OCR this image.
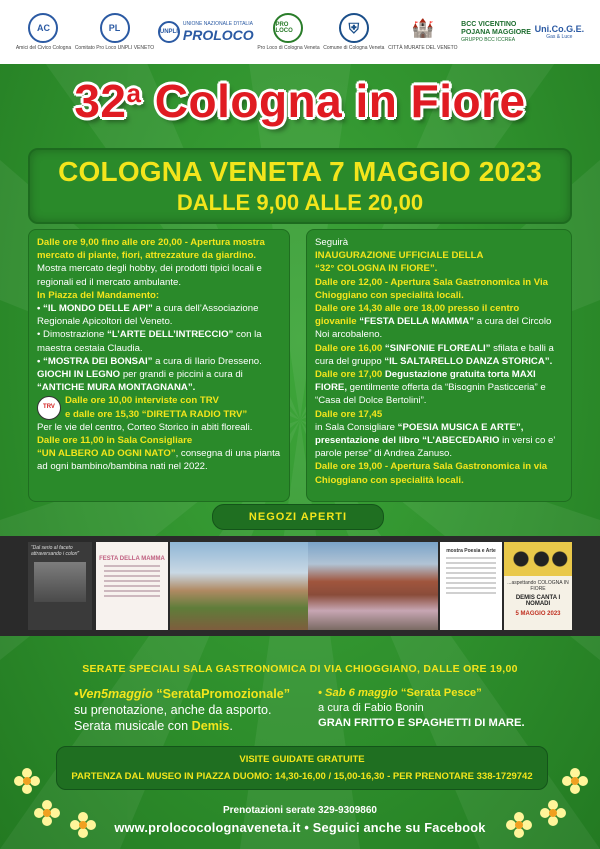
AC
Amici del Civico Cologna
PL
Comitato Pro Loco UNPLI VENETO
UNPLI
UNIONE NAZIONALE D'ITALIA
PROLOCO
PRO LOCO
Pro Loco di Cologna Veneta
⛨
Comune di Cologna Veneta
🏰
CITTÀ MURATE DEL VENETO
BCC VICENTINO
POJANA MAGGIORE
GRUPPO BCC ICCREA
Uni.Co.G.E.
Gas & Luce
32$^a$ Cologna in Fiore
COLOGNA VENETA 7 MAGGIO 2023
DALLE 9,00 ALLE 20,00

Dalle ore 9,00 fino alle ore 20,00 - Apertura mostra mercato di piante, fiori, attrezzature da giardino.

Mostra mercato degli hobby, dei prodotti tipici locali e regionali ed il mercato ambulante.

In Piazza del Mandamento:

• “IL MONDO DELLE API” a cura dell’Associazione Regionale Apicoltori del Veneto.

• Dimostrazione “L’ARTE DELL’INTRECCIO” con la maestra cestaia Claudia.

• “MOSTRA DEI BONSAI” a cura di Ilario Dresseno.

GIOCHI IN LEGNO per grandi e piccini a cura di “ANTICHE MURA MONTAGNANA”.

TRV

Dalle ore 10,00 interviste con TRV

e dalle ore 15,30 “DIRETTA RADIO TRV”

Per le vie del centro, Corteo Storico in abiti floreali.

Dalle ore 11,00 in Sala Consigliare

“UN ALBERO AD OGNI NATO”, consegna di una pianta ad ogni bambino/bambina nati nel 2022.

Seguirà

INAUGURAZIONE UFFICIALE DELLA

“32° COLOGNA IN FIORE”.

Dalle ore 12,00 - Apertura Sala Gastronomica in Via Chioggiano con specialità locali.

Dalle ore 14,30 alle ore 18,00 presso il centro giovanile “FESTA DELLA MAMMA” a cura del Circolo Noi arcobaleno.

Dalle ore 16,00 “SINFONIE FLOREALI” sfilata e balli a cura del gruppo “IL SALTARELLO DANZA STORICA”.

Dalle ore 17,00 Degustazione gratuita torta MAXI FIORE, gentilmente offerta da “Bisognin Pasticceria” e “Casa del Dolce Bertolini”.

Dalle ore 17,45

in Sala Consigliare “POESIA MUSICA E ARTE”, presentazione del libro “L’ABECEDARIO in versi co e’ parole perse” di Andrea Zanuso.

Dalle ore 19,00 - Apertura Sala Gastronomica in via Chioggiano con specialità locali.

NEGOZI APERTI
“Dal serio al faceto attraversando i colori”
FESTA DELLA MAMMA
mostra Poesia e Arte
...aspettando COLOGNA IN FIORE
DEMIS CANTA I NOMADI
5 MAGGIO 2023
SERATE SPECIALI SALA GASTRONOMICA DI VIA CHIOGGIANO, DALLE ORE 19,00
•Ven5maggio “SerataPromozionale”
su prenotazione, anche da asporto.
Serata musicale con Demis.
• Sab 6 maggio “Serata Pesce”
a cura di Fabio Bonin
GRAN FRITTO E SPAGHETTI DI MARE.
VISITE GUIDATE GRATUITE
PARTENZA DAL MUSEO IN PIAZZA DUOMO: 14,30-16,00 / 15,00-16,30 - PER PRENOTARE 338-1729742
Prenotazioni serate 329-9309860
www.prolococolognaveneta.it • Seguici anche su Facebook
